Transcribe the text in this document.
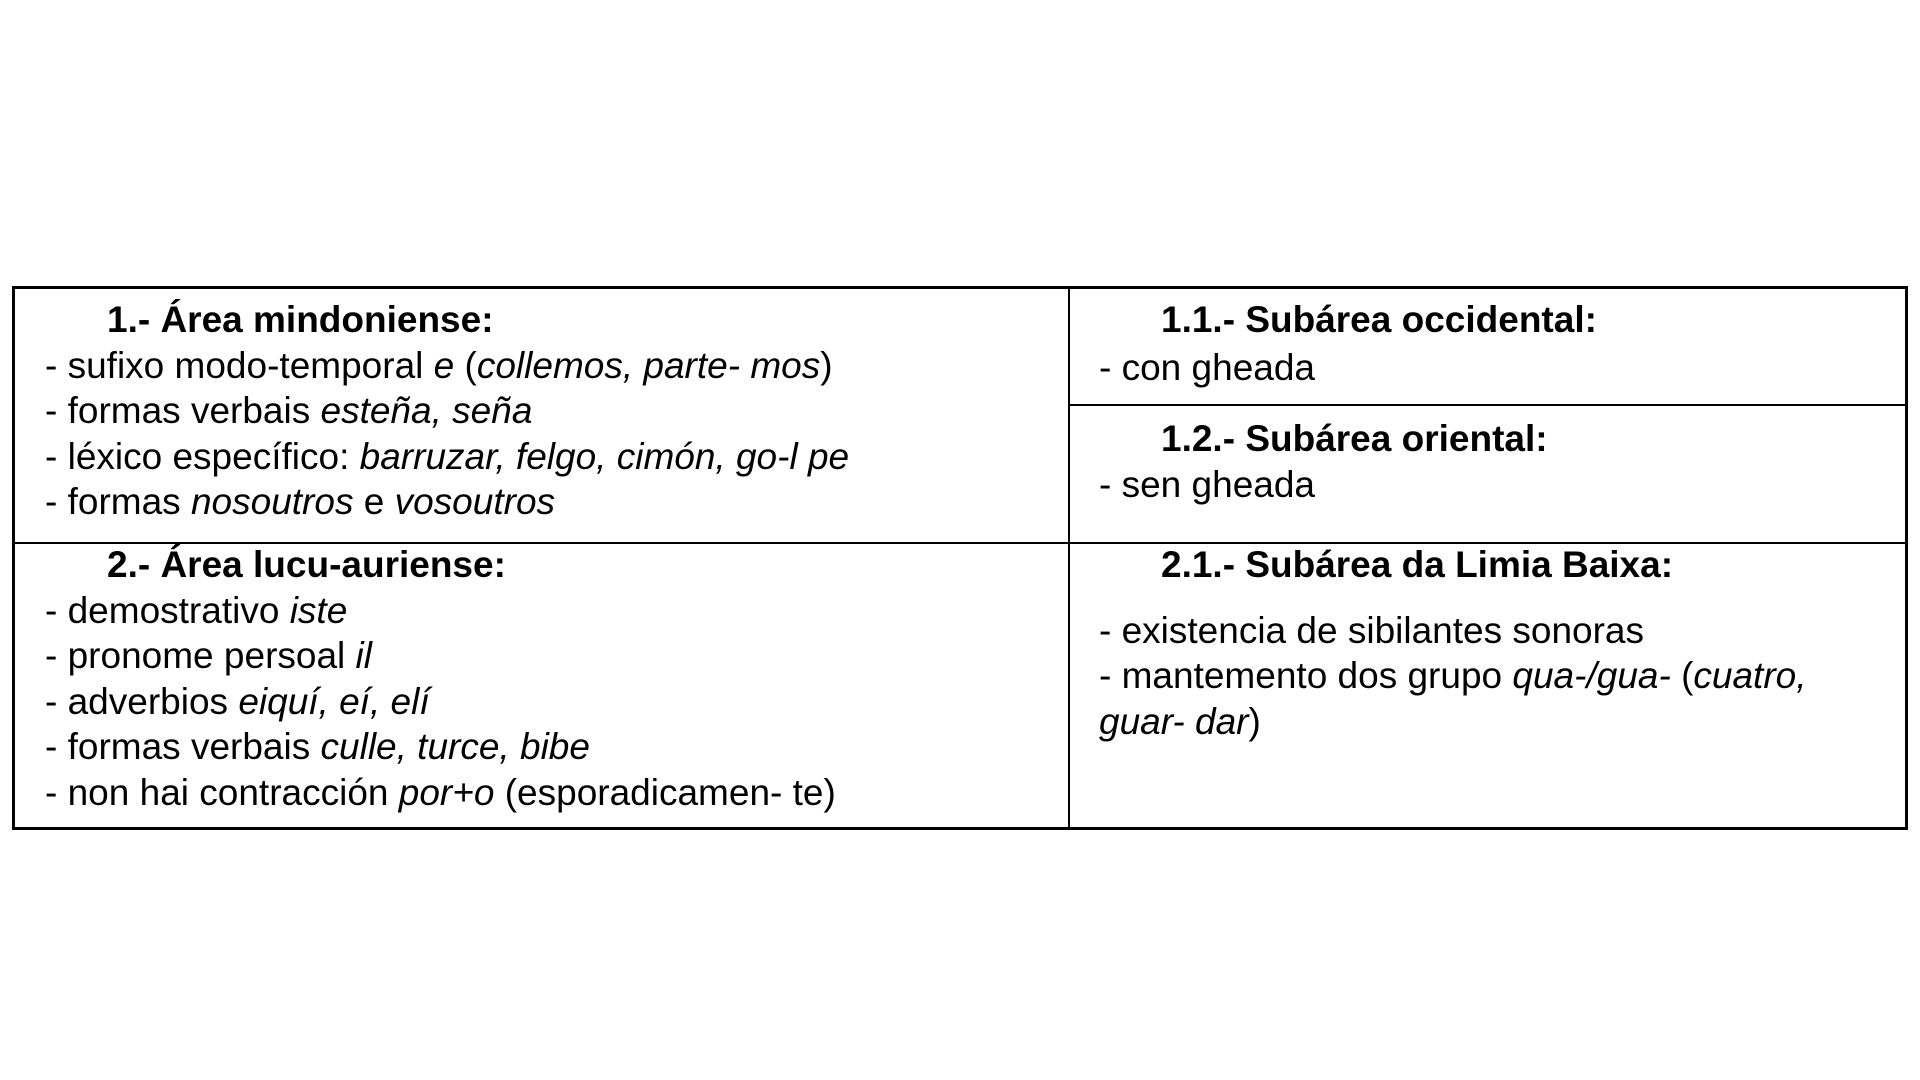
1.- Área mindoniense:

- sufixo modo-temporal e (collemos, parte- mos)

- formas verbais esteña, seña

- léxico específico: barruzar, felgo, cimón, go-l pe

- formas nosoutros e vosoutros

1.1.- Subárea occidental:

- con gheada

1.2.- Subárea oriental:

- sen gheada

2.- Área lucu-auriense:

- demostrativo iste

- pronome persoal il

- adverbios eiquí, eí, elí

- formas verbais culle, turce, bibe

- non hai contracción por+o (esporadicamen- te)

2.1.- Subárea da Limia Baixa:

- existencia de sibilantes sonoras

- mantemento dos grupo qua-/gua- (cuatro,

guar- dar)
